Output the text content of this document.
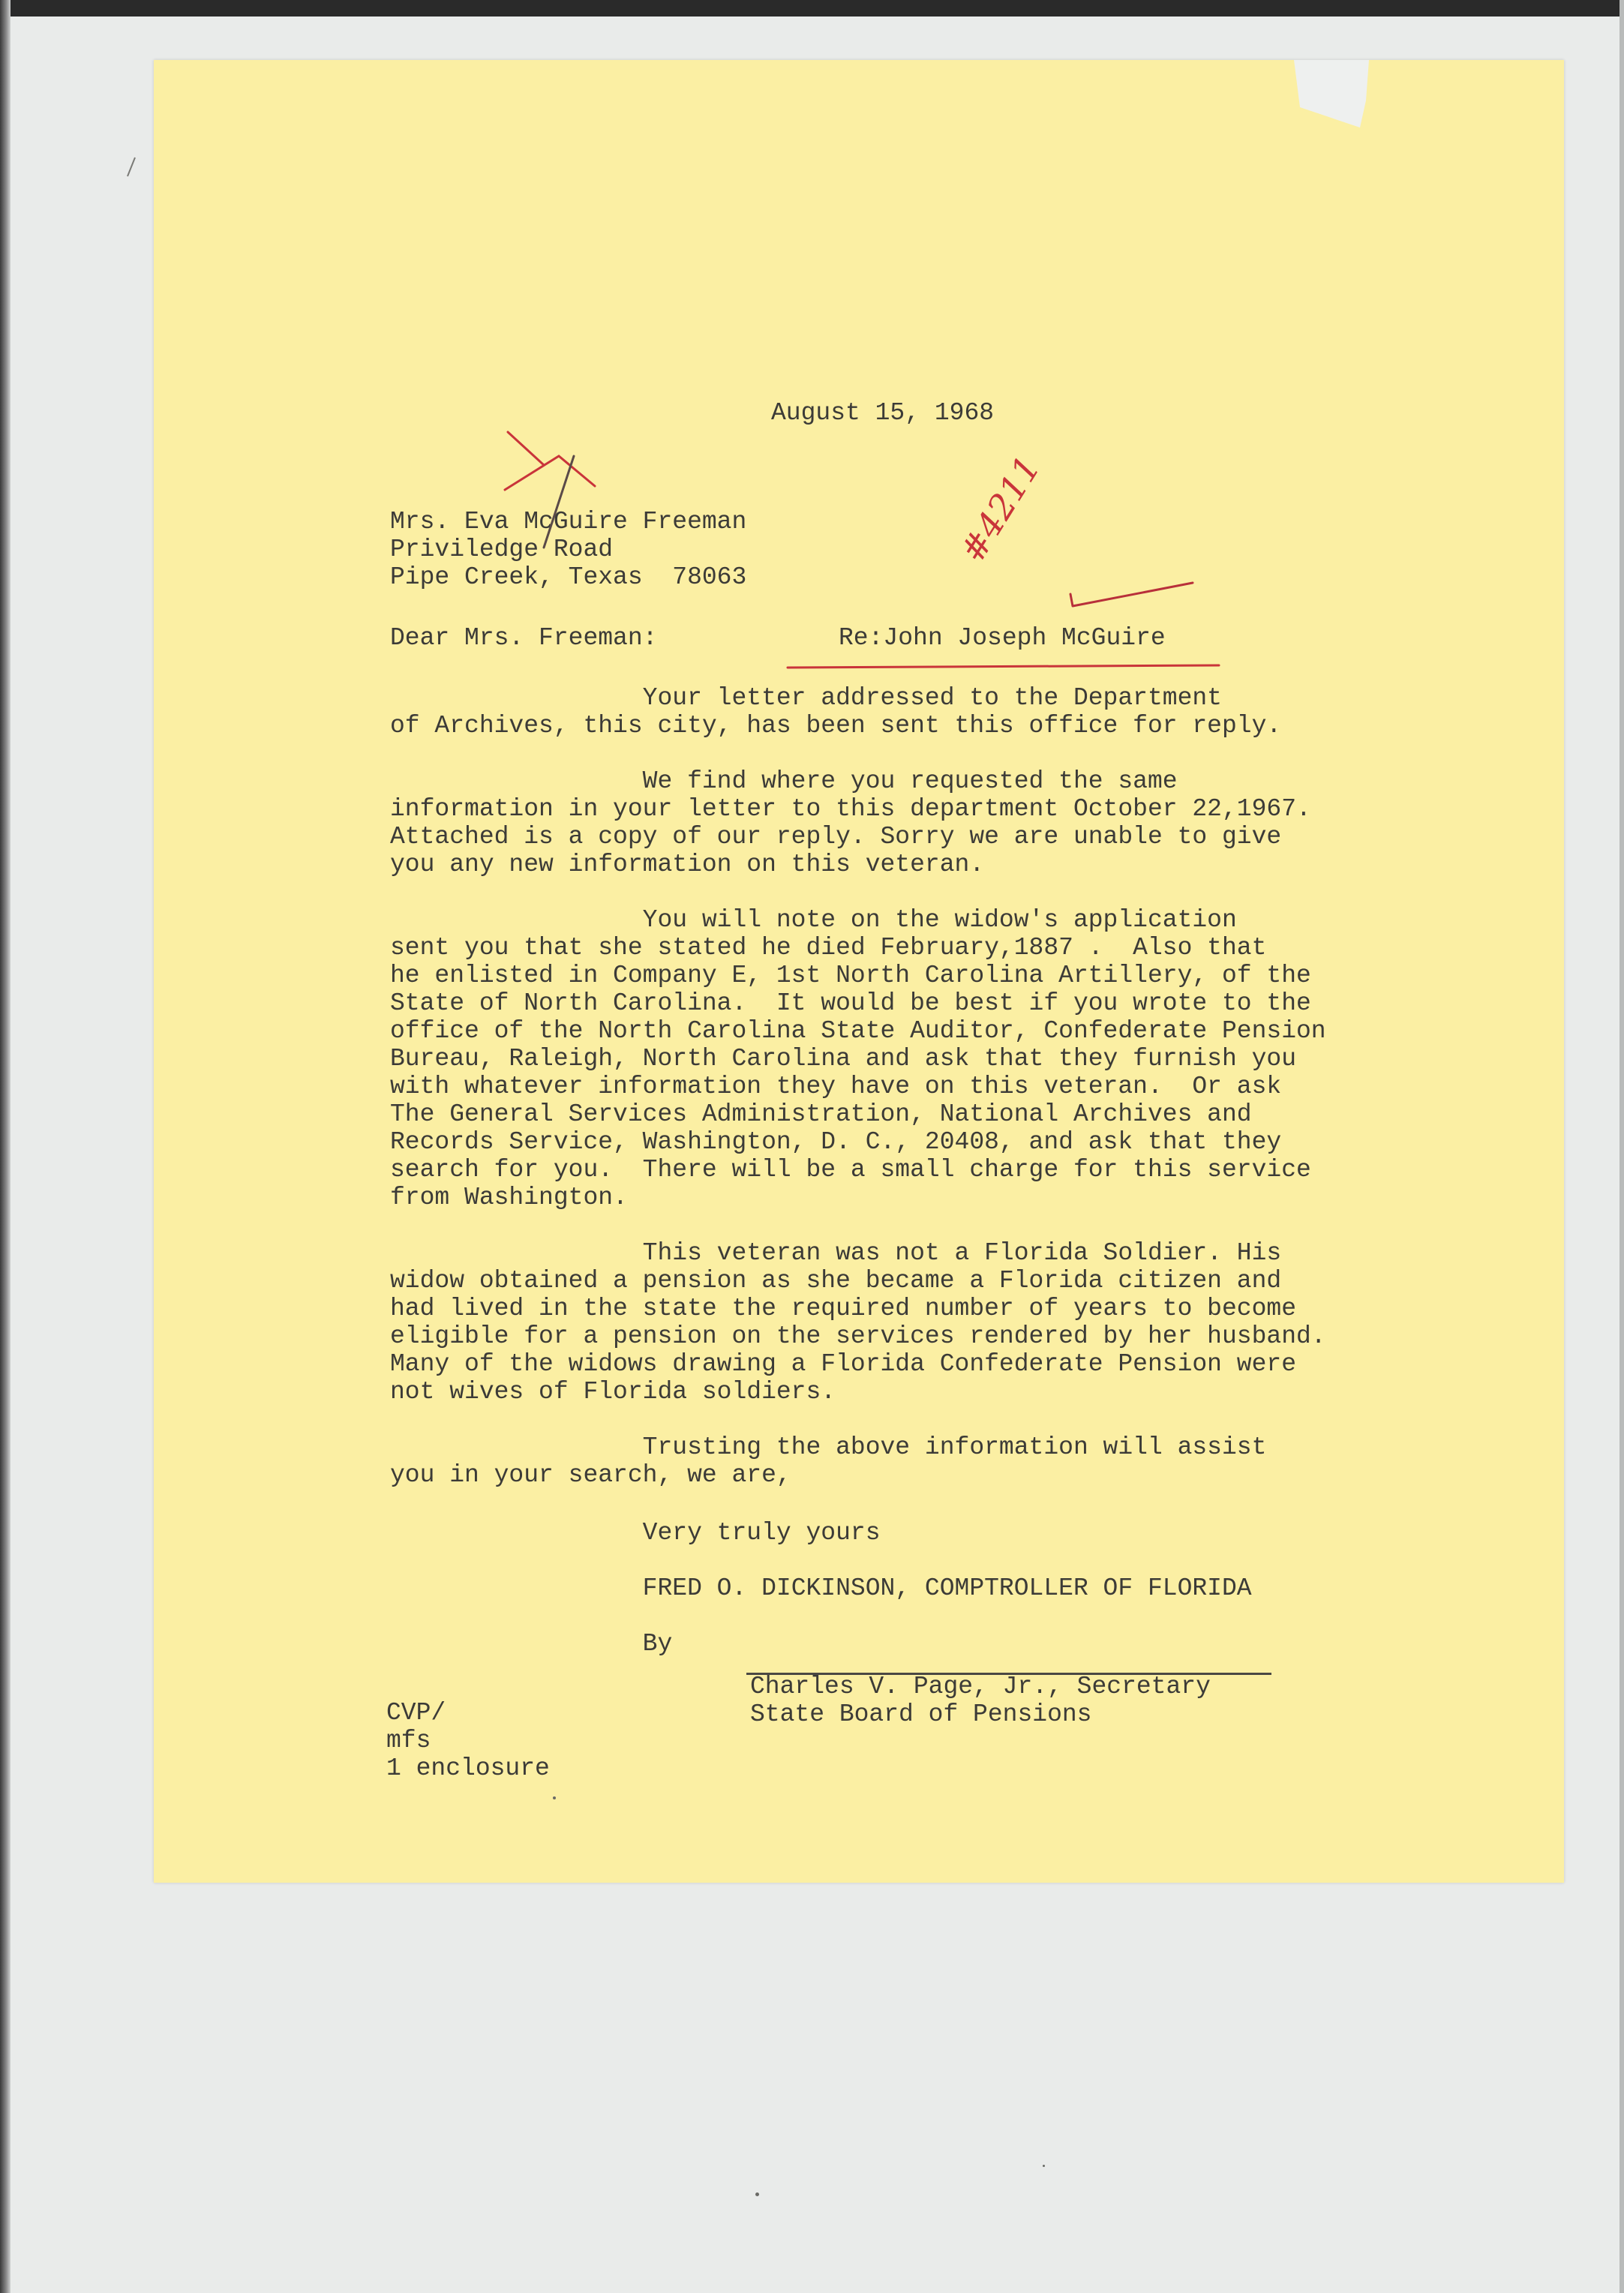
August 15, 1968
Mrs. Eva McGuire Freeman
Priviledge Road
Pipe Creek, Texas  78063
Dear Mrs. Freeman:	Re:John Joseph McGuire
Your letter addressed to the Department
of Archives, this city, has been sent this office for reply.

We find where you requested the same
information in your letter to this department October 22,1967.
Attached is a copy of our reply. Sorry we are unable to give
you any new information on this veteran.

You will note on the widow's application
sent you that she stated he died February,1887 .  Also that
he enlisted in Company E, 1st North Carolina Artillery, of the
State of North Carolina.  It would be best if you wrote to the
office of the North Carolina State Auditor, Confederate Pension
Bureau, Raleigh, North Carolina and ask that they furnish you
with whatever information they have on this veteran.  Or ask
The General Services Administration, National Archives and
Records Service, Washington, D. C., 20408, and ask that they
search for you.  There will be a small charge for this service
from Washington.

This veteran was not a Florida Soldier. His
widow obtained a pension as she became a Florida citizen and
had lived in the state the required number of years to become
eligible for a pension on the services rendered by her husband.
Many of the widows drawing a Florida Confederate Pension were
not wives of Florida soldiers.

Trusting the above information will assist
you in your search, we are,
Very truly yours

FRED O. DICKINSON, COMPTROLLER OF FLORIDA

By
Charles V. Page, Jr., Secretary
State Board of Pensions
CVP/
mfs
1 enclosure
#4211
